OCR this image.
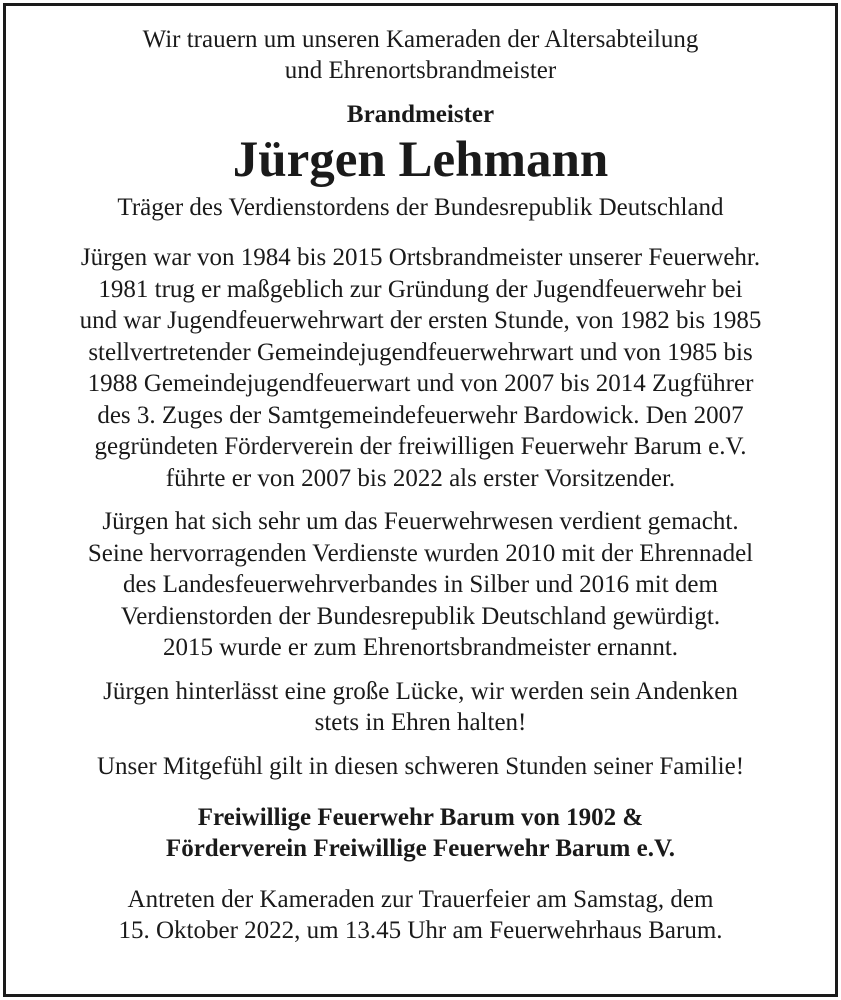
Wir trauern um unseren Kameraden der Altersabteilung
und Ehrenortsbrandmeister

Brandmeister

Jürgen Lehmann

Träger des Verdienstordens der Bundesrepublik Deutschland

Jürgen war von 1984 bis 2015 Ortsbrandmeister unserer Feuerwehr.
1981 trug er maßgeblich zur Gründung der Jugendfeuerwehr bei
und war Jugendfeuerwehrwart der ersten Stunde, von 1982 bis 1985
stellvertretender Gemeindejugendfeuerwehrwart und von 1985 bis
1988 Gemeindejugendfeuerwart und von 2007 bis 2014 Zugführer
des 3. Zuges der Samtgemeindefeuerwehr Bardowick. Den 2007
gegründeten Förderverein der freiwilligen Feuerwehr Barum e.V.
führte er von 2007 bis 2022 als erster Vorsitzender.

Jürgen hat sich sehr um das Feuerwehrwesen verdient gemacht.
Seine hervorragenden Verdienste wurden 2010 mit der Ehrennadel
des Landesfeuerwehrverbandes in Silber und 2016 mit dem
Verdienstorden der Bundesrepublik Deutschland gewürdigt.
2015 wurde er zum Ehrenortsbrandmeister ernannt.

Jürgen hinterlässt eine große Lücke, wir werden sein Andenken
stets in Ehren halten!

Unser Mitgefühl gilt in diesen schweren Stunden seiner Familie!

Freiwillige Feuerwehr Barum von 1902 &
Förderverein Freiwillige Feuerwehr Barum e.V.

Antreten der Kameraden zur Trauerfeier am Samstag, dem
15. Oktober 2022, um 13.45 Uhr am Feuerwehrhaus Barum.
